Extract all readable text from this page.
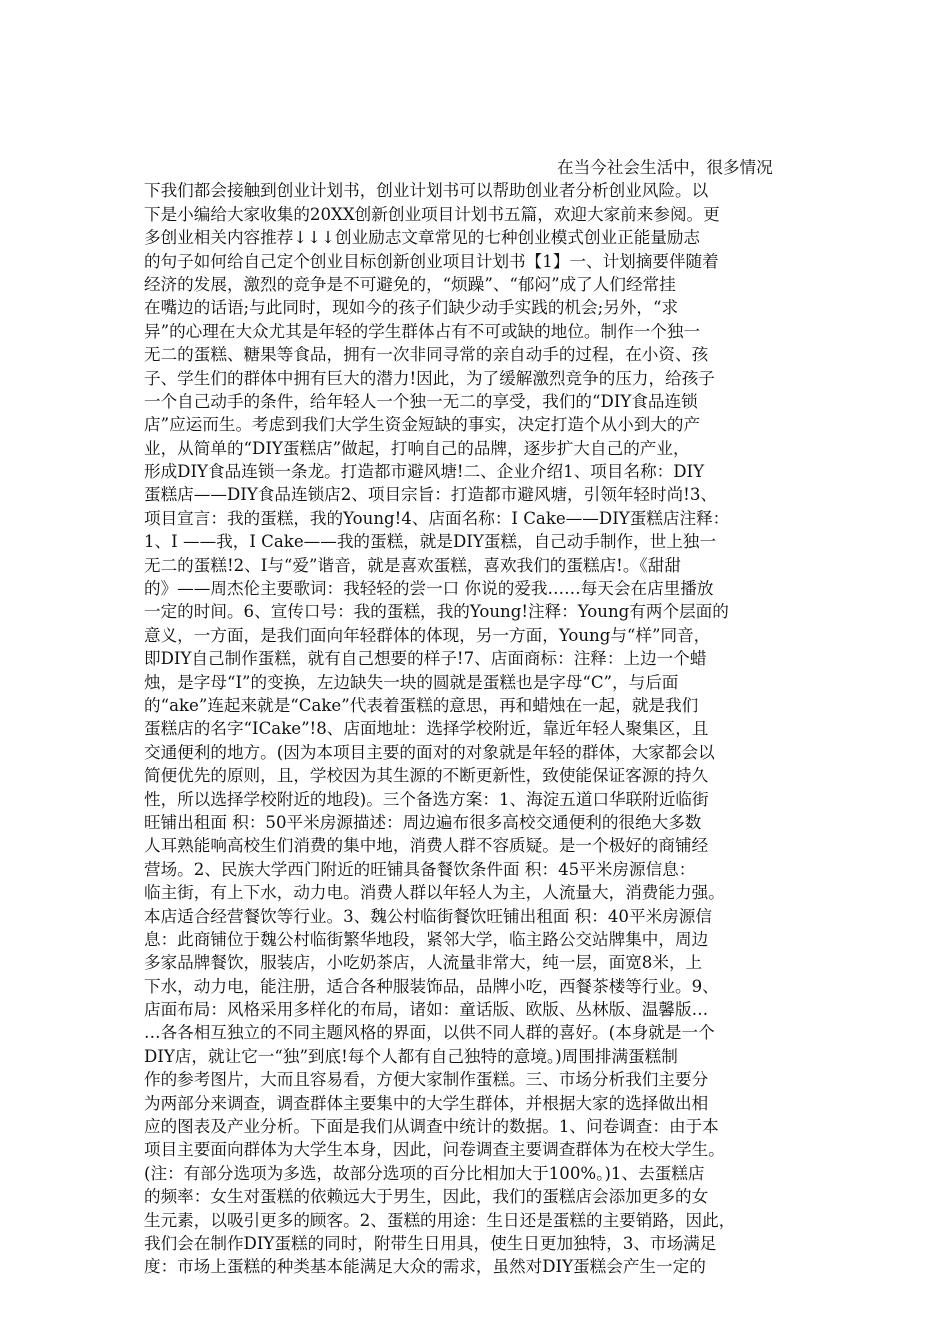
在当今社会生活中，很多情况
下我们都会接触到创业计划书，创业计划书可以帮助创业者分析创业风险。以
下是小编给大家收集的20XX创新创业项目计划书五篇，欢迎大家前来参阅。更
多创业相关内容推荐↓↓↓创业励志文章常见的七种创业模式创业正能量励志
的句子如何给自己定个创业目标创新创业项目计划书【1】一、计划摘要伴随着
经济的发展，激烈的竞争是不可避免的，“烦躁”、“郁闷”成了人们经常挂
在嘴边的话语;与此同时，现如今的孩子们缺少动手实践的机会;另外，“求
异”的心理在大众尤其是年轻的学生群体占有不可或缺的地位。制作一个独一
无二的蛋糕、糖果等食品，拥有一次非同寻常的亲自动手的过程，在小资、孩
子、学生们的群体中拥有巨大的潜力!因此，为了缓解激烈竞争的压力，给孩子
一个自己动手的条件，给年轻人一个独一无二的享受，我们的“DIY食品连锁
店”应运而生。考虑到我们大学生资金短缺的事实，决定打造个从小到大的产
业，从简单的“DIY蛋糕店”做起，打响自己的品牌，逐步扩大自己的产业，
形成DIY食品连锁一条龙。打造都市避风塘!二、企业介绍1、项目名称：DIY
蛋糕店——DIY食品连锁店2、项目宗旨：打造都市避风塘，引领年轻时尚!3、
项目宣言：我的蛋糕，我的Young!4、店面名称：I Cake——DIY蛋糕店注释：
1、I ——我，I Cake——我的蛋糕，就是DIY蛋糕，自己动手制作，世上独一
无二的蛋糕!2、I与“爱”谐音，就是喜欢蛋糕，喜欢我们的蛋糕店!。《甜甜
的》——周杰伦主要歌词：我轻轻的尝一口 你说的爱我……每天会在店里播放
一定的时间。6、宣传口号：我的蛋糕，我的Young!注释：Young有两个层面的
意义，一方面，是我们面向年轻群体的体现，另一方面，Young与“样”同音，
即DIY自己制作蛋糕，就有自己想要的样子!7、店面商标：注释：上边一个蜡
烛，是字母“I”的变换，左边缺失一块的圆就是蛋糕也是字母“C”，与后面
的“ake”连起来就是“Cake”代表着蛋糕的意思，再和蜡烛在一起，就是我们
蛋糕店的名字“ICake”!8、店面地址：选择学校附近，靠近年轻人聚集区，且
交通便利的地方。(因为本项目主要的面对的对象就是年轻的群体，大家都会以
简便优先的原则，且，学校因为其生源的不断更新性，致使能保证客源的持久
性，所以选择学校附近的地段)。三个备选方案：1、海淀五道口华联附近临街
旺铺出租面 积：50平米房源描述：周边遍布很多高校交通便利的很绝大多数
人耳熟能响高校生们消费的集中地，消费人群不容质疑。是一个极好的商铺经
营场。2、民族大学西门附近的旺铺具备餐饮条件面 积：45平米房源信息：
临主街，有上下水，动力电。消费人群以年轻人为主，人流量大，消费能力强。
本店适合经营餐饮等行业。3、魏公村临街餐饮旺铺出租面 积：40平米房源信
息：此商铺位于魏公村临街繁华地段，紧邻大学，临主路公交站牌集中，周边
多家品牌餐饮，服装店，小吃奶茶店，人流量非常大，纯一层，面宽8米，上
下水，动力电，能注册，适合各种服装饰品，品牌小吃，西餐茶楼等行业。9、
店面布局：风格采用多样化的布局，诸如：童话版、欧版、丛林版、温馨版…
…各各相互独立的不同主题风格的界面，以供不同人群的喜好。(本身就是一个
DIY店，就让它一“独”到底!每个人都有自己独特的意境。)周围排满蛋糕制
作的参考图片，大而且容易看，方便大家制作蛋糕。三、市场分析我们主要分
为两部分来调查，调查群体主要集中的大学生群体，并根据大家的选择做出相
应的图表及产业分析。下面是我们从调查中统计的数据。1、问卷调查：由于本
项目主要面向群体为大学生本身，因此，问卷调查主要调查群体为在校大学生。
(注：有部分选项为多选，故部分选项的百分比相加大于100%。)1、去蛋糕店
的频率：女生对蛋糕的依赖远大于男生，因此，我们的蛋糕店会添加更多的女
生元素，以吸引更多的顾客。2、蛋糕的用途：生日还是蛋糕的主要销路，因此，
我们会在制作DIY蛋糕的同时，附带生日用具，使生日更加独特，3、市场满足
度：市场上蛋糕的种类基本能满足大众的需求，虽然对DIY蛋糕会产生一定的
